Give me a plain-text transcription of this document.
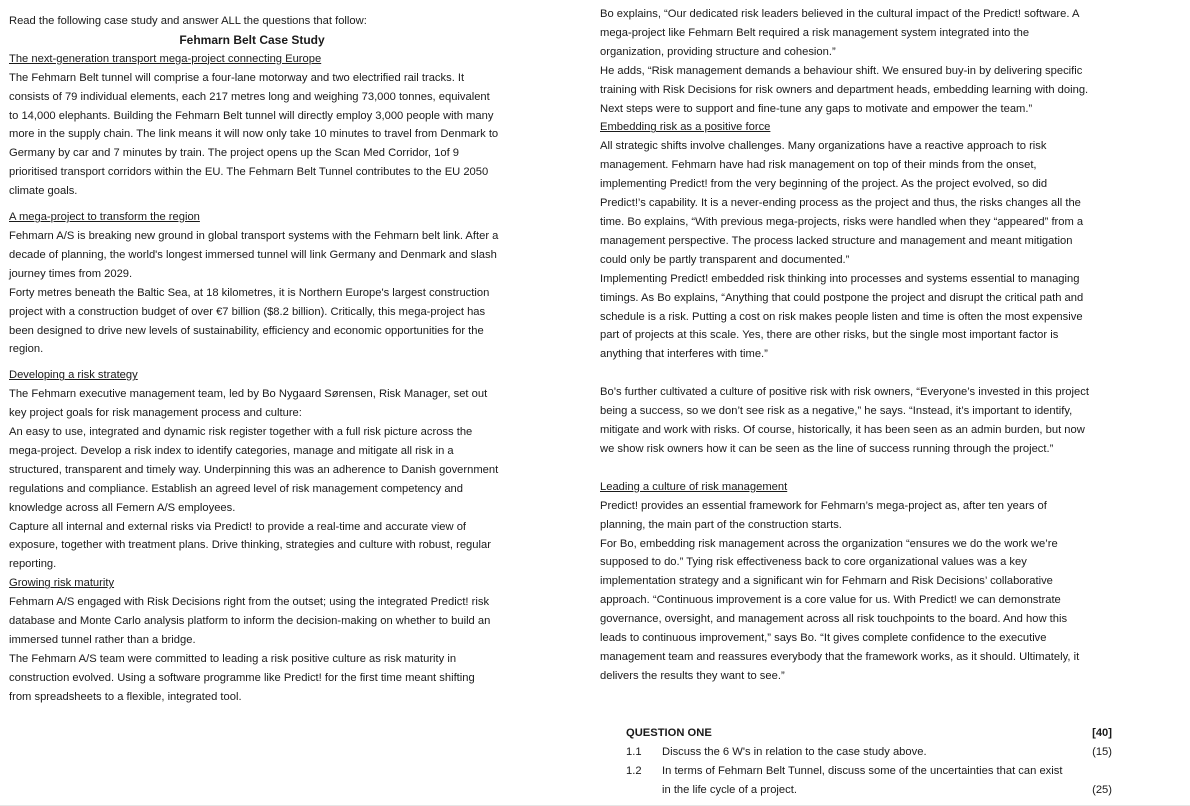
Read the following case study and answer ALL the questions that follow:

Fehmarn Belt Case Study

The next-generation transport mega-project connecting Europe

The Fehmarn Belt tunnel will comprise a four-lane motorway and two electrified rail tracks. It consists of 79 individual elements, each 217 metres long and weighing 73,000 tonnes, equivalent to 14,000 elephants. Building the Fehmarn Belt tunnel will directly employ 3,000 people with many more in the supply chain. The link means it will now only take 10 minutes to travel from Denmark to Germany by car and 7 minutes by train. The project opens up the Scan Med Corridor, 1of 9 prioritised transport corridors within the EU. The Fehmarn Belt Tunnel contributes to the EU 2050 climate goals.

A mega-project to transform the region

Fehmarn A/S is breaking new ground in global transport systems with the Fehmarn belt link. After a decade of planning, the world's longest immersed tunnel will link Germany and Denmark and slash journey times from 2029.

Forty metres beneath the Baltic Sea, at 18 kilometres, it is Northern Europe's largest construction project with a construction budget of over €7 billion ($8.2 billion). Critically, this mega-project has been designed to drive new levels of sustainability, efficiency and economic opportunities for the region.

Developing a risk strategy

The Fehmarn executive management team, led by Bo Nygaard Sørensen, Risk Manager, set out key project goals for risk management process and culture:

An easy to use, integrated and dynamic risk register together with a full risk picture across the mega-project. Develop a risk index to identify categories, manage and mitigate all risk in a structured, transparent and timely way. Underpinning this was an adherence to Danish government regulations and compliance. Establish an agreed level of risk management competency and knowledge across all Femern A/S employees.

Capture all internal and external risks via Predict! to provide a real-time and accurate view of exposure, together with treatment plans. Drive thinking, strategies and culture with robust, regular reporting.

Growing risk maturity

Fehmarn A/S engaged with Risk Decisions right from the outset; using the integrated Predict! risk database and Monte Carlo analysis platform to inform the decision-making on whether to build an immersed tunnel rather than a bridge.

The Fehmarn A/S team were committed to leading a risk positive culture as risk maturity in construction evolved. Using a software programme like Predict! for the first time meant shifting from spreadsheets to a flexible, integrated tool.

Bo explains, “Our dedicated risk leaders believed in the cultural impact of the Predict! software. A mega-project like Fehmarn Belt required a risk management system integrated into the organization, providing structure and cohesion.”

He adds, “Risk management demands a behaviour shift. We ensured buy-in by delivering specific training with Risk Decisions for risk owners and department heads, embedding learning with doing. Next steps were to support and fine-tune any gaps to motivate and empower the team.”

Embedding risk as a positive force

All strategic shifts involve challenges. Many organizations have a reactive approach to risk management. Fehmarn have had risk management on top of their minds from the onset, implementing Predict! from the very beginning of the project. As the project evolved, so did Predict!’s capability. It is a never-ending process as the project and thus, the risks changes all the time. Bo explains, “With previous mega-projects, risks were handled when they “appeared” from a management perspective. The process lacked structure and management and meant mitigation could only be partly transparent and documented.”

Implementing Predict! embedded risk thinking into processes and systems essential to managing timings. As Bo explains, “Anything that could postpone the project and disrupt the critical path and schedule is a risk. Putting a cost on risk makes people listen and time is often the most expensive part of projects at this scale. Yes, there are other risks, but the single most important factor is anything that interferes with time.”

Bo’s further cultivated a culture of positive risk with risk owners, “Everyone’s invested in this project being a success, so we don’t see risk as a negative,” he says. “Instead, it’s important to identify, mitigate and work with risks. Of course, historically, it has been seen as an admin burden, but now we show risk owners how it can be seen as the line of success running through the project.”

Leading a culture of risk management

Predict! provides an essential framework for Fehmarn’s mega-project as, after ten years of planning, the main part of the construction starts.

For Bo, embedding risk management across the organization “ensures we do the work we’re supposed to do.” Tying risk effectiveness back to core organizational values was a key implementation strategy and a significant win for Fehmarn and Risk Decisions’ collaborative approach. “Continuous improvement is a core value for us. With Predict! we can demonstrate governance, oversight, and management across all risk touchpoints to the board. And how this leads to continuous improvement,” says Bo. “It gives complete confidence to the executive management team and reassures everybody that the framework works, as it should. Ultimately, it delivers the results they want to see.”

QUESTION ONE	[40]
1.1	Discuss the 6 W's in relation to the case study above.	(15)
1.2	In terms of Fehmarn Belt Tunnel, discuss some of the uncertainties that can exist in the life cycle of a project.	(25)
